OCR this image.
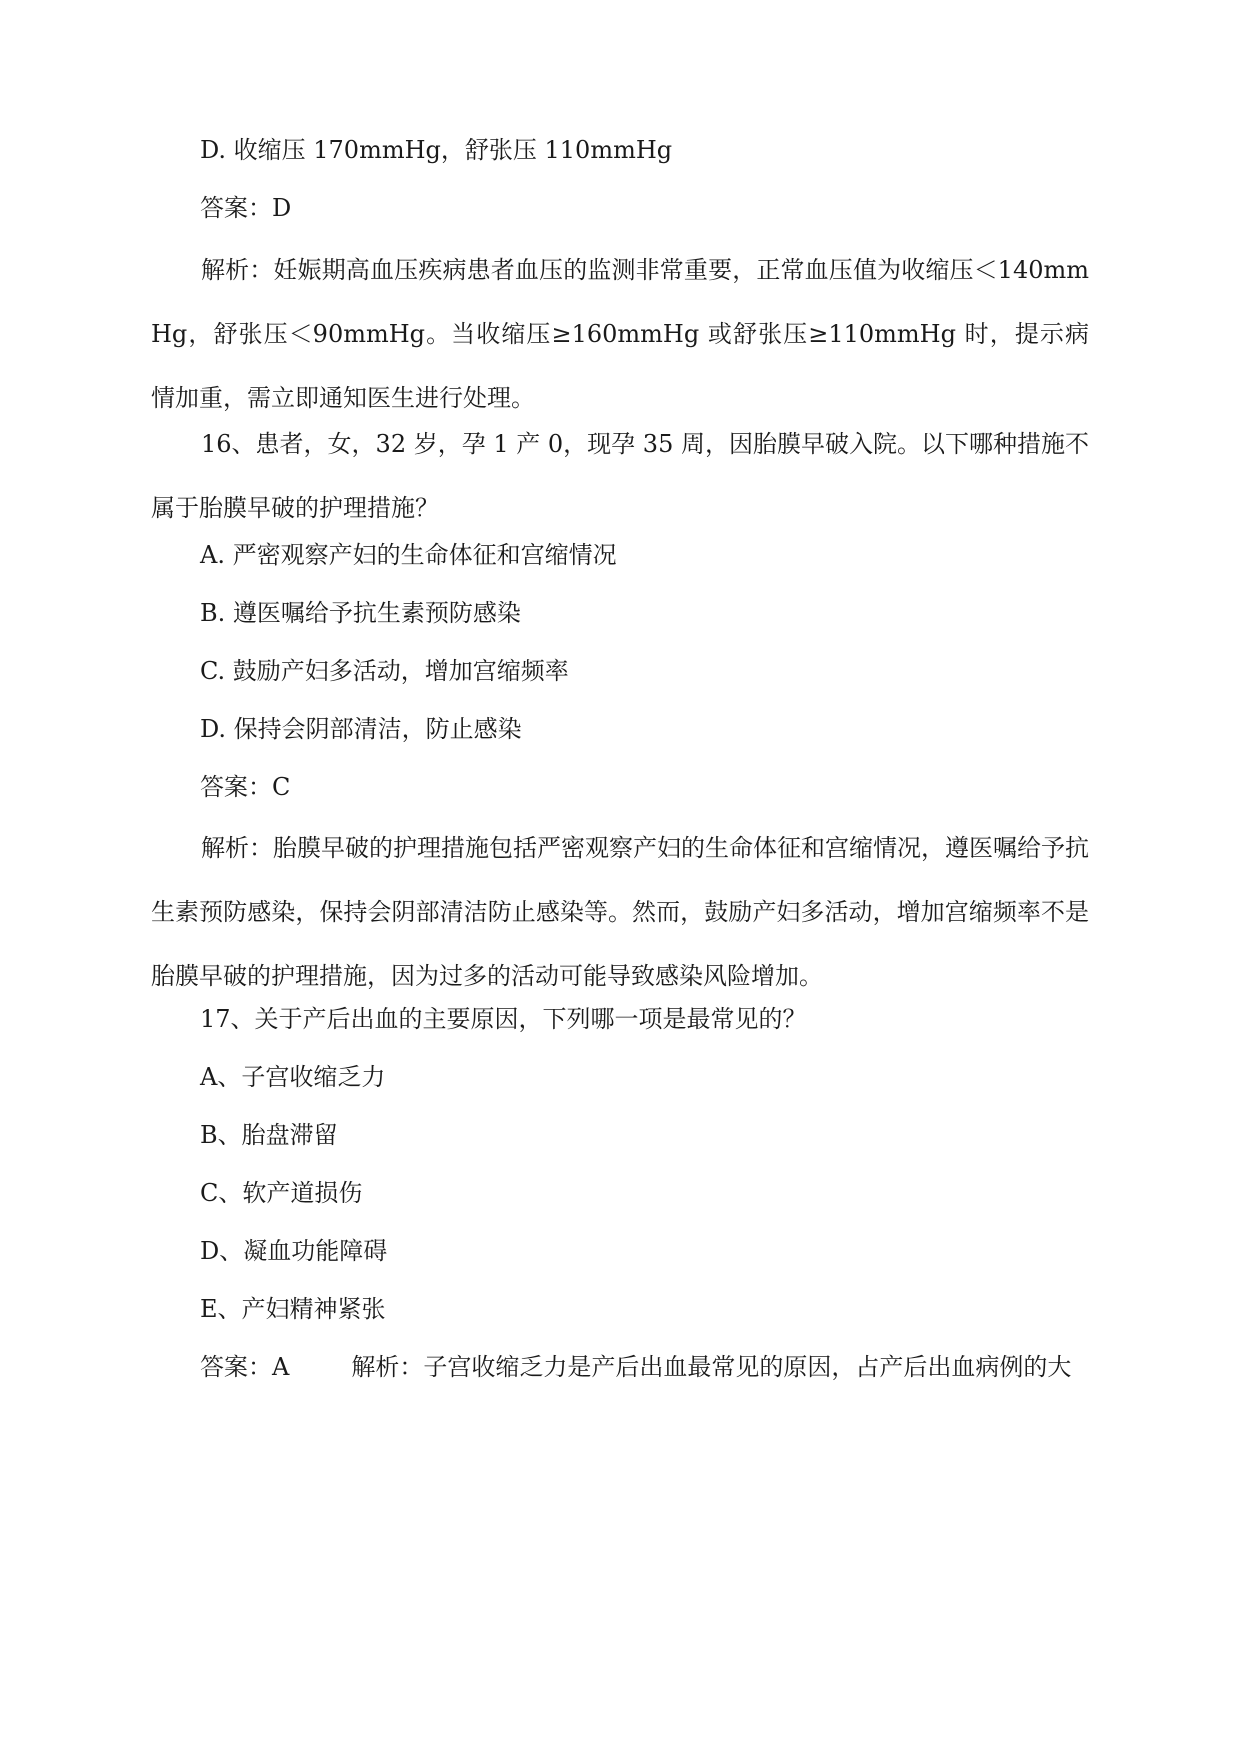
D. 收缩压 170mmHg，舒张压 110mmHg
答案：D
解析：妊娠期高血压疾病患者血压的监测非常重要，正常血压值为收缩压＜140mmHg，舒张压＜90mmHg。当收缩压≥160mmHg 或舒张压≥110mmHg 时，提示病情加重，需立即通知医生进行处理。
16、患者，女，32 岁，孕 1 产 0，现孕 35 周，因胎膜早破入院。以下哪种措施不属于胎膜早破的护理措施？
A. 严密观察产妇的生命体征和宫缩情况
B. 遵医嘱给予抗生素预防感染
C. 鼓励产妇多活动，增加宫缩频率
D. 保持会阴部清洁，防止感染
答案：C
解析：胎膜早破的护理措施包括严密观察产妇的生命体征和宫缩情况，遵医嘱给予抗生素预防感染，保持会阴部清洁防止感染等。然而，鼓励产妇多活动，增加宫缩频率不是胎膜早破的护理措施，因为过多的活动可能导致感染风险增加。
17、关于产后出血的主要原因，下列哪一项是最常见的？
A、子宫收缩乏力
B、胎盘滞留
C、软产道损伤
D、凝血功能障碍
E、产妇精神紧张
答案：A	解析：子宫收缩乏力是产后出血最常见的原因，占产后出血病例的大
